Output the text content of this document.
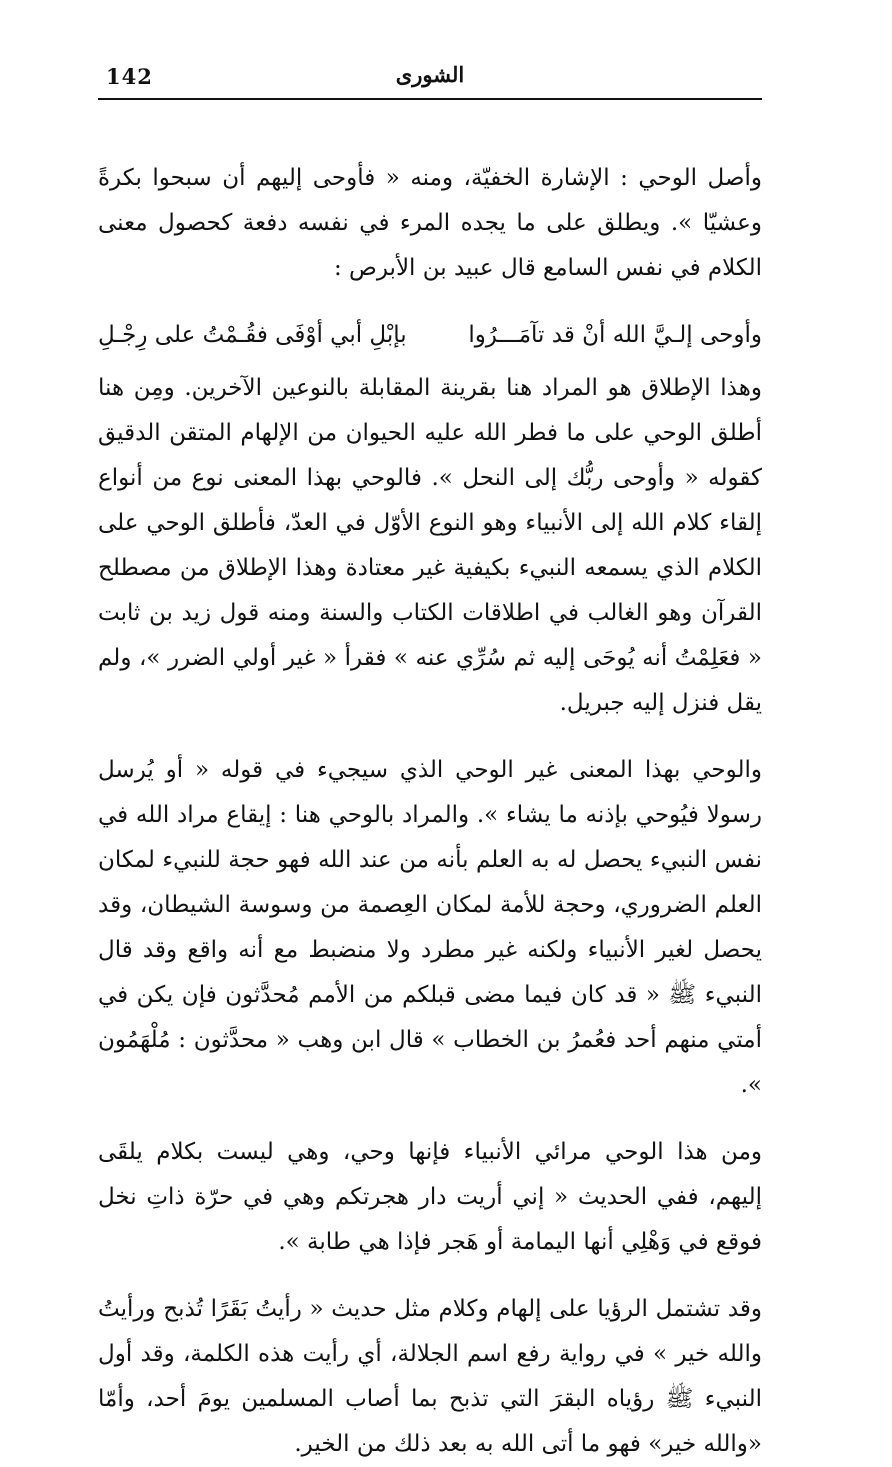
142	الشورى

وأصل الوحي : الإشارة الخفيّة، ومنه « فأوحى إليهم أن سبحوا بكرةً وعشيّا ». ويطلق على ما يجده المرء في نفسه دفعة كحصول معنى الكلام في نفس السامع قال عبيد بن الأبرص :

وأوحى إلـيَّ الله أنْ قد تآمَـــرُوا
بإبْلِ أبي أوْفَى فقُـمْتُ على رِجْـلِ

وهذا الإطلاق هو المراد هنا بقرينة المقابلة بالنوعين الآخرين. ومِن هنا أطلق الوحي على ما فطر الله عليه الحيوان من الإلهام المتقن الدقيق كقوله « وأوحى ربُّك إلى النحل ». فالوحي بهذا المعنى نوع من أنواع إلقاء كلام الله إلى الأنبياء وهو النوع الأوّل في العدّ، فأطلق الوحي على الكلام الذي يسمعه النبيء بكيفية غير معتادة وهذا الإطلاق من مصطلح القرآن وهو الغالب في اطلاقات الكتاب والسنة ومنه قول زيد بن ثابت « فعَلِمْتُ أنه يُوحَى إليه ثم سُرِّي عنه » فقرأ « غير أولي الضرر »، ولم يقل فنزل إليه جبريل.

والوحي بهذا المعنى غير الوحي الذي سيجيء في قوله « أو يُرسل رسولا فيُوحي بإذنه ما يشاء ». والمراد بالوحي هنا : إيقاع مراد الله في نفس النبيء يحصل له به العلم بأنه من عند الله فهو حجة للنبيء لمكان العلم الضروري، وحجة للأمة لمكان العِصمة من وسوسة الشيطان، وقد يحصل لغير الأنبياء ولكنه غير مطرد ولا منضبط مع أنه واقع وقد قال النبيء ﷺ « قد كان فيما مضى قبلكم من الأمم مُحدَّثون فإن يكن في أمتي منهم أحد فعُمرُ بن الخطاب » قال ابن وهب « محدَّثون : مُلْهَمُون ».

ومن هذا الوحي مرائي الأنبياء فإنها وحي، وهي ليست بكلام يلقَى إليهم، ففي الحديث « إني أريت دار هجرتكم وهي في حرّة ذاتِ نخل فوقع في وَهْلِي أنها اليمامة أو هَجر فإذا هي طابة ».

وقد تشتمل الرؤيا على إلهام وكلام مثل حديث « رأيتُ بَقَرًا تُذبح ورأيتُ والله خير » في رواية رفع اسم الجلالة، أي رأيت هذه الكلمة، وقد أول النبيء ﷺ رؤياه البقرَ التي تذبح بما أصاب المسلمين يومَ أحد، وأمّا «والله خير» فهو ما أتى الله به بعد ذلك من الخير.
